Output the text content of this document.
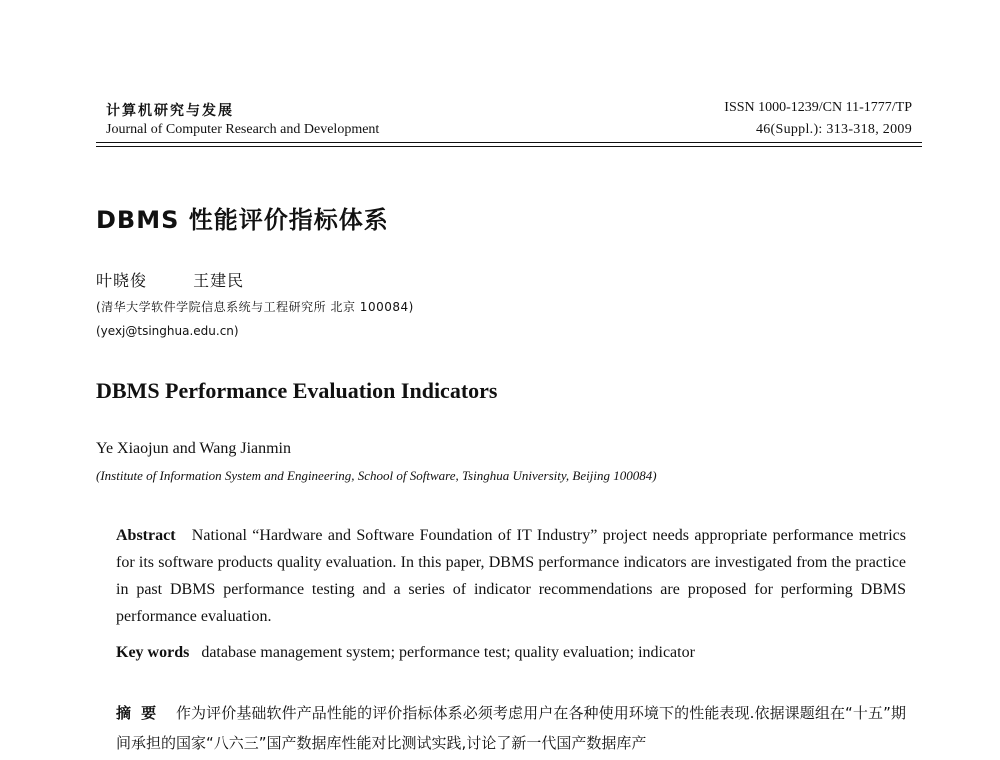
计算机研究与发展
Journal of Computer Research and Development
ISSN 1000-1239/CN 11-1777/TP
46(Suppl.): 313-318, 2009
DBMS 性能评价指标体系
叶晓俊 王建民
(清华大学软件学院信息系统与工程研究所 北京 100084)
(yexj@tsinghua.edu.cn)
DBMS Performance Evaluation Indicators
Ye Xiaojun and Wang Jianmin
(Institute of Information System and Engineering, School of Software, Tsinghua University, Beijing 100084)
Abstract National “Hardware and Software Foundation of IT Industry” project needs appropriate performance metrics for its software products quality evaluation. In this paper, DBMS performance indicators are investigated from the practice in past DBMS performance testing and a series of indicator recommendations are proposed for performing DBMS performance evaluation.
Key words database management system; performance test; quality evaluation; indicator
摘要 作为评价基础软件产品性能的评价指标体系必须考虑用户在各种使用环境下的性能表现.依据课题组在“十五”期间承担的国家“八六三”国产数据库性能对比测试实践,讨论了新一代国产数据库产
